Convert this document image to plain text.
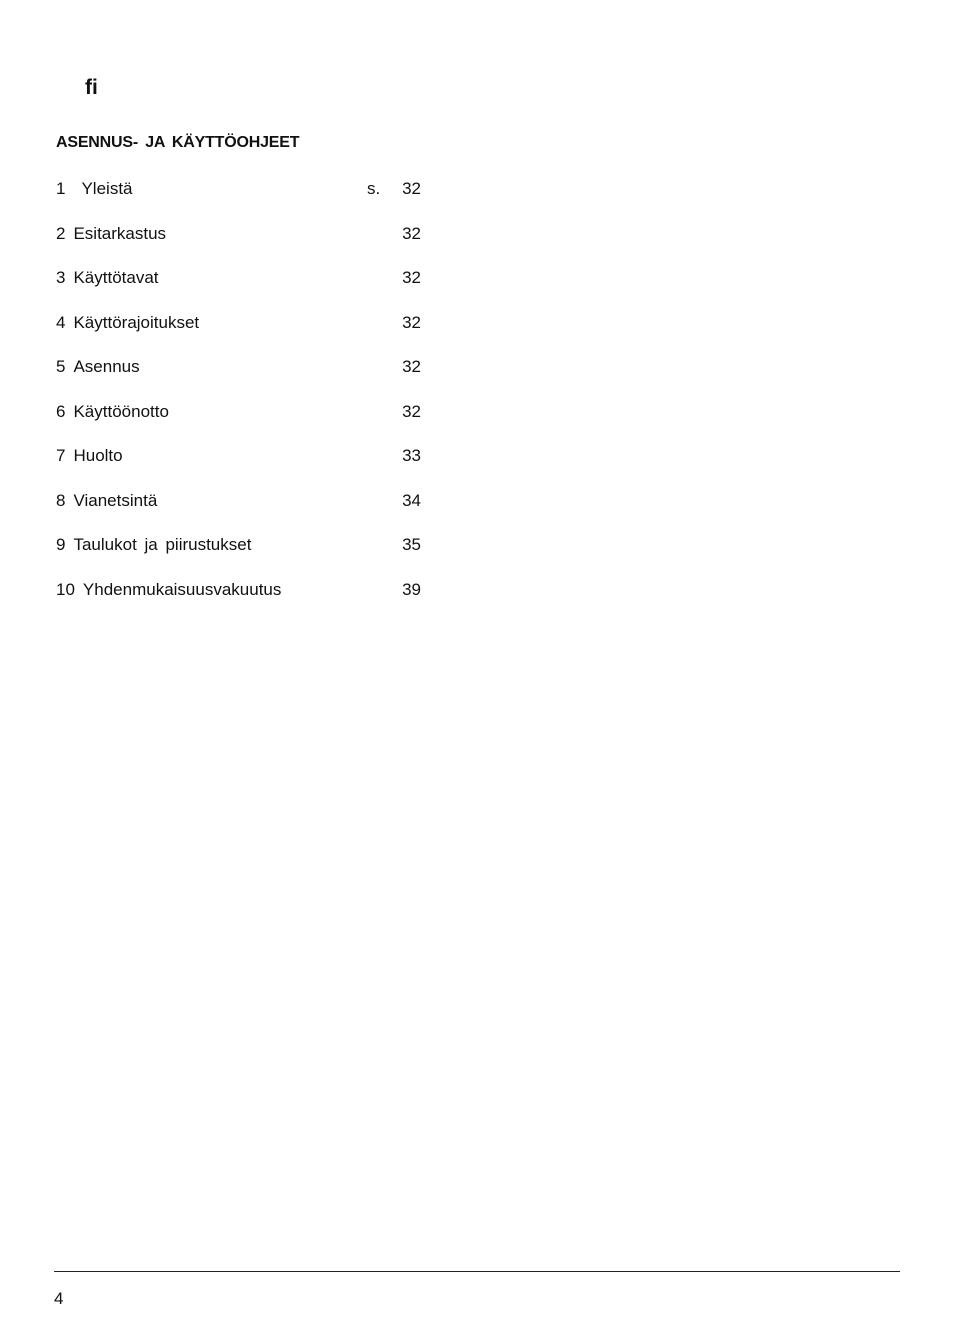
fi
ASENNUS- JA KÄYTTÖOHJEET
1 Yleistä	s. 32
2 Esitarkastus	32
3 Käyttötavat	32
4 Käyttörajoitukset	32
5 Asennus	32
6 Käyttöönotto	32
7 Huolto	33
8 Vianetsintä	34
9 Taulukot ja piirustukset	35
10 Yhdenmukaisuusvakuutus	39
4
